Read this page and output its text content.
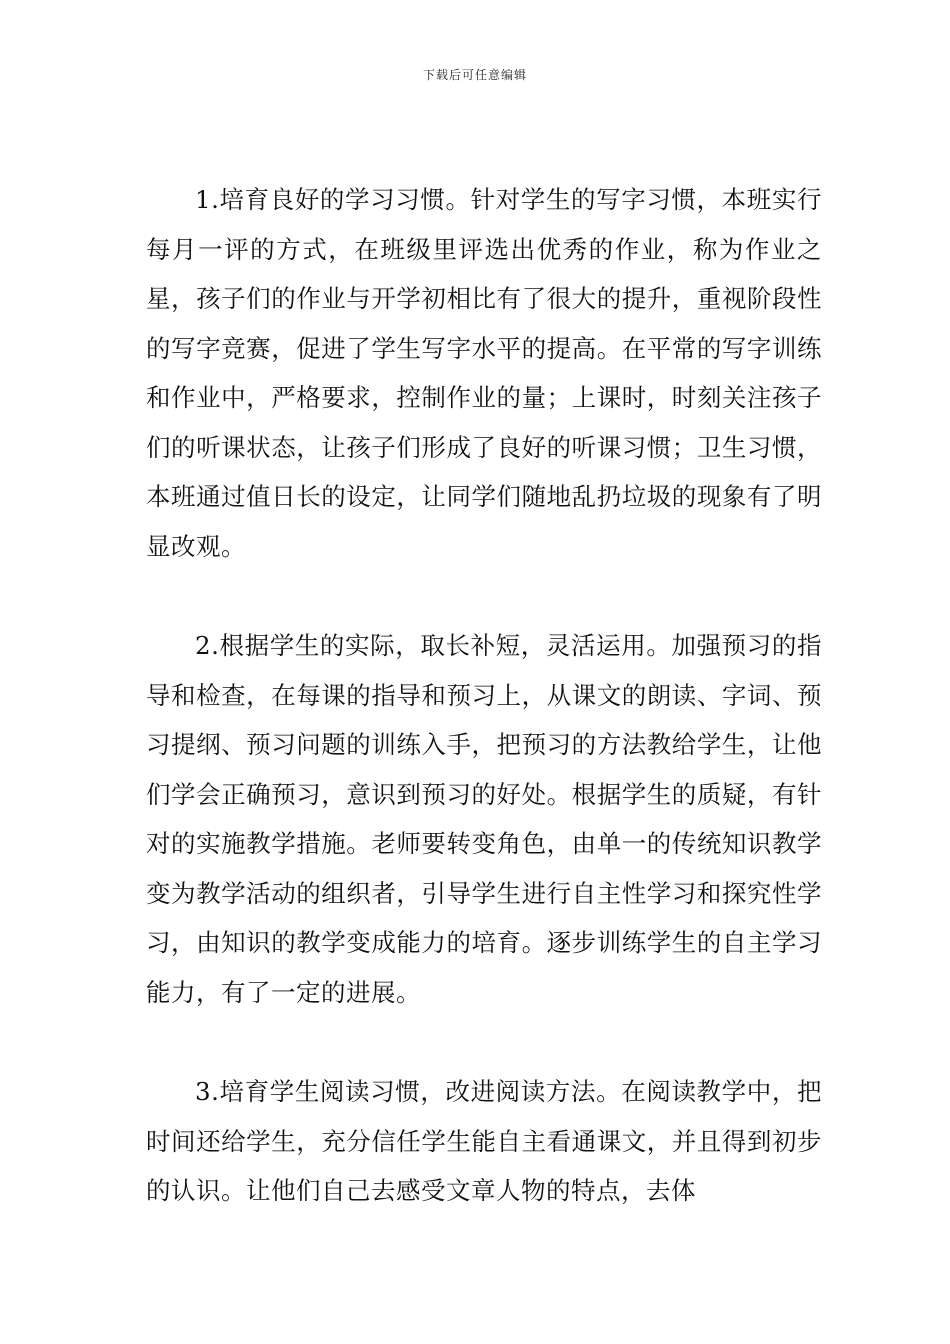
下载后可任意编辑

1.培育良好的学习习惯。针对学生的写字习惯，本班实行每月一评的方式，在班级里评选出优秀的作业，称为作业之星，孩子们的作业与开学初相比有了很大的提升，重视阶段性的写字竞赛，促进了学生写字水平的提高。在平常的写字训练和作业中，严格要求，控制作业的量；上课时，时刻关注孩子们的听课状态，让孩子们形成了良好的听课习惯；卫生习惯，本班通过值日长的设定，让同学们随地乱扔垃圾的现象有了明显改观。

2.根据学生的实际，取长补短，灵活运用。加强预习的指导和检查，在每课的指导和预习上，从课文的朗读、字词、预习提纲、预习问题的训练入手，把预习的方法教给学生，让他们学会正确预习，意识到预习的好处。根据学生的质疑，有针对的实施教学措施。老师要转变角色，由单一的传统知识教学变为教学活动的组织者，引导学生进行自主性学习和探究性学习，由知识的教学变成能力的培育。逐步训练学生的自主学习能力，有了一定的进展。

3.培育学生阅读习惯，改进阅读方法。在阅读教学中，把时间还给学生，充分信任学生能自主看通课文，并且得到初步的认识。让他们自己去感受文章人物的特点，去体
